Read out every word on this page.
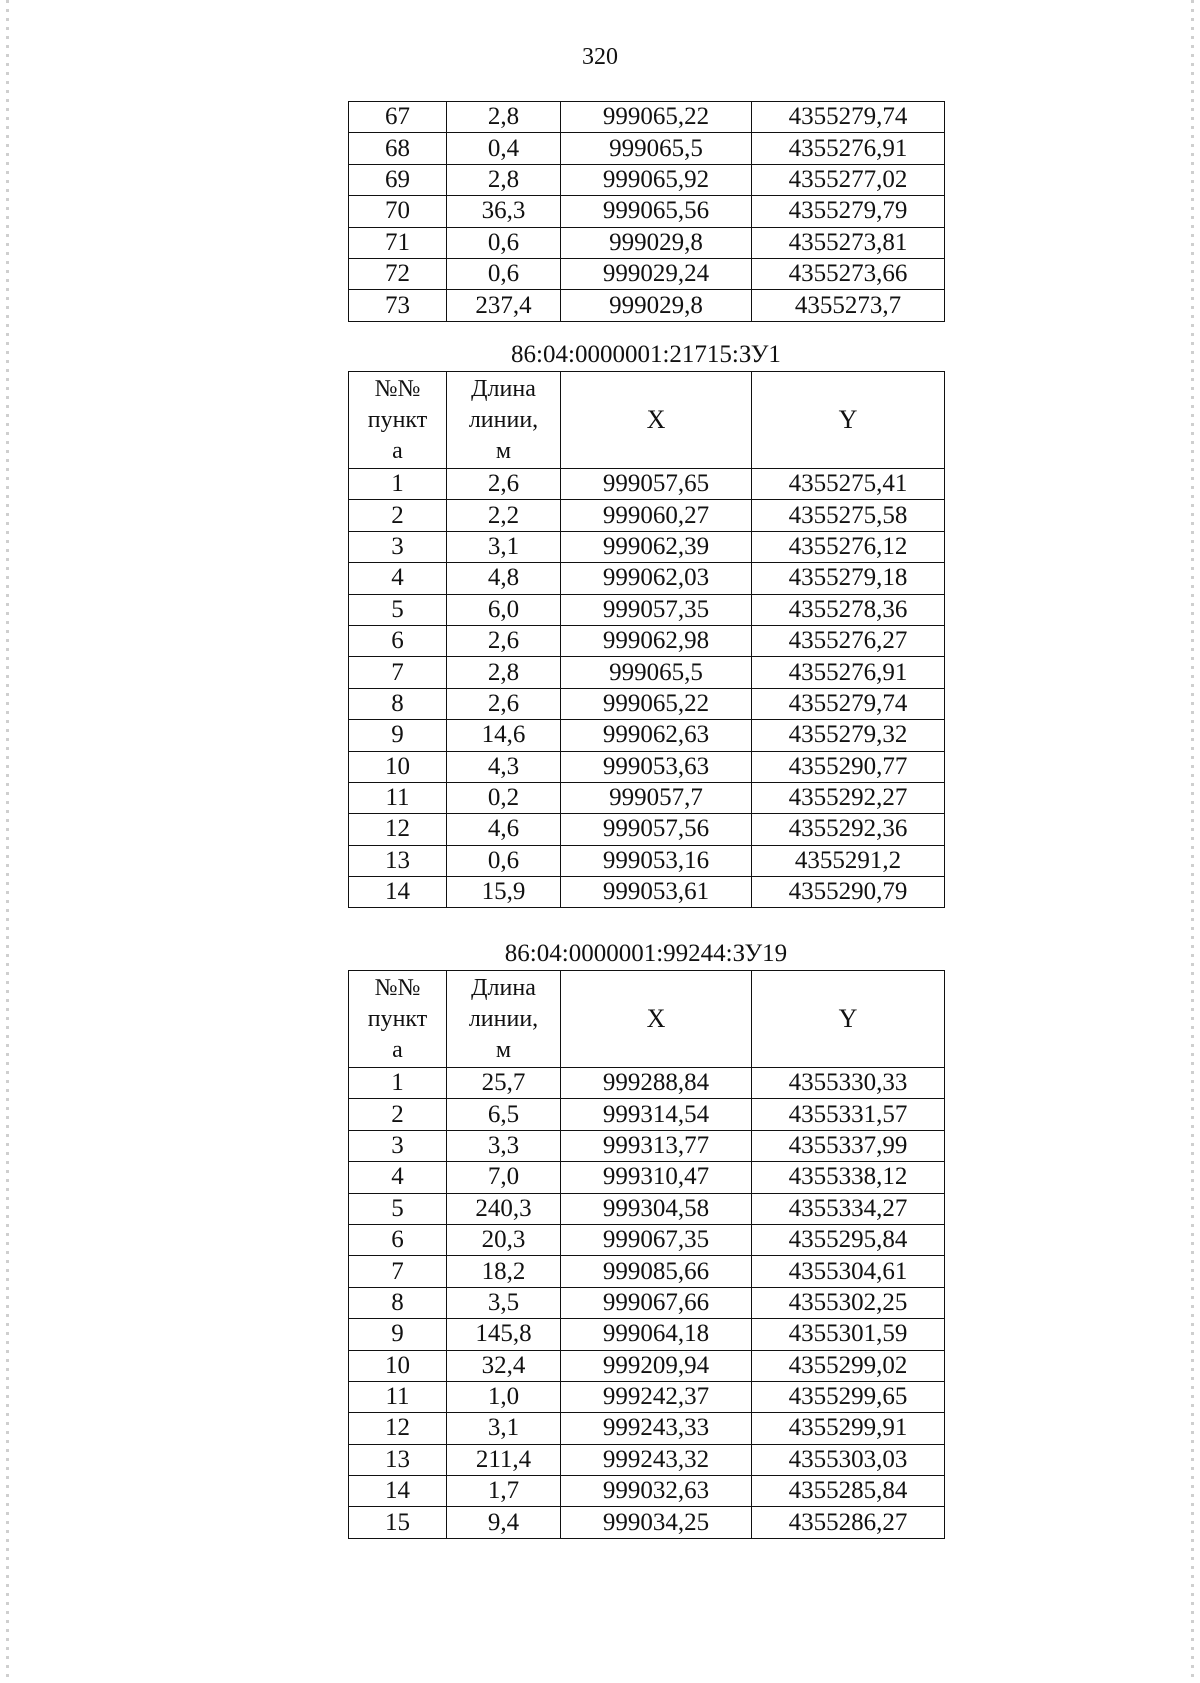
320
67	2,8	999065,22	4355279,74
68	0,4	999065,5	4355276,91
69	2,8	999065,92	4355277,02
70	36,3	999065,56	4355279,79
71	0,6	999029,8	4355273,81
72	0,6	999029,24	4355273,66
73	237,4	999029,8	4355273,7
86:04:0000001:21715:ЗУ1
№№
пункт
а	Длина
линии,
м	X	Y
1	2,6	999057,65	4355275,41
2	2,2	999060,27	4355275,58
3	3,1	999062,39	4355276,12
4	4,8	999062,03	4355279,18
5	6,0	999057,35	4355278,36
6	2,6	999062,98	4355276,27
7	2,8	999065,5	4355276,91
8	2,6	999065,22	4355279,74
9	14,6	999062,63	4355279,32
10	4,3	999053,63	4355290,77
11	0,2	999057,7	4355292,27
12	4,6	999057,56	4355292,36
13	0,6	999053,16	4355291,2
14	15,9	999053,61	4355290,79
86:04:0000001:99244:ЗУ19
№№
пункт
а	Длина
линии,
м	X	Y
1	25,7	999288,84	4355330,33
2	6,5	999314,54	4355331,57
3	3,3	999313,77	4355337,99
4	7,0	999310,47	4355338,12
5	240,3	999304,58	4355334,27
6	20,3	999067,35	4355295,84
7	18,2	999085,66	4355304,61
8	3,5	999067,66	4355302,25
9	145,8	999064,18	4355301,59
10	32,4	999209,94	4355299,02
11	1,0	999242,37	4355299,65
12	3,1	999243,33	4355299,91
13	211,4	999243,32	4355303,03
14	1,7	999032,63	4355285,84
15	9,4	999034,25	4355286,27
